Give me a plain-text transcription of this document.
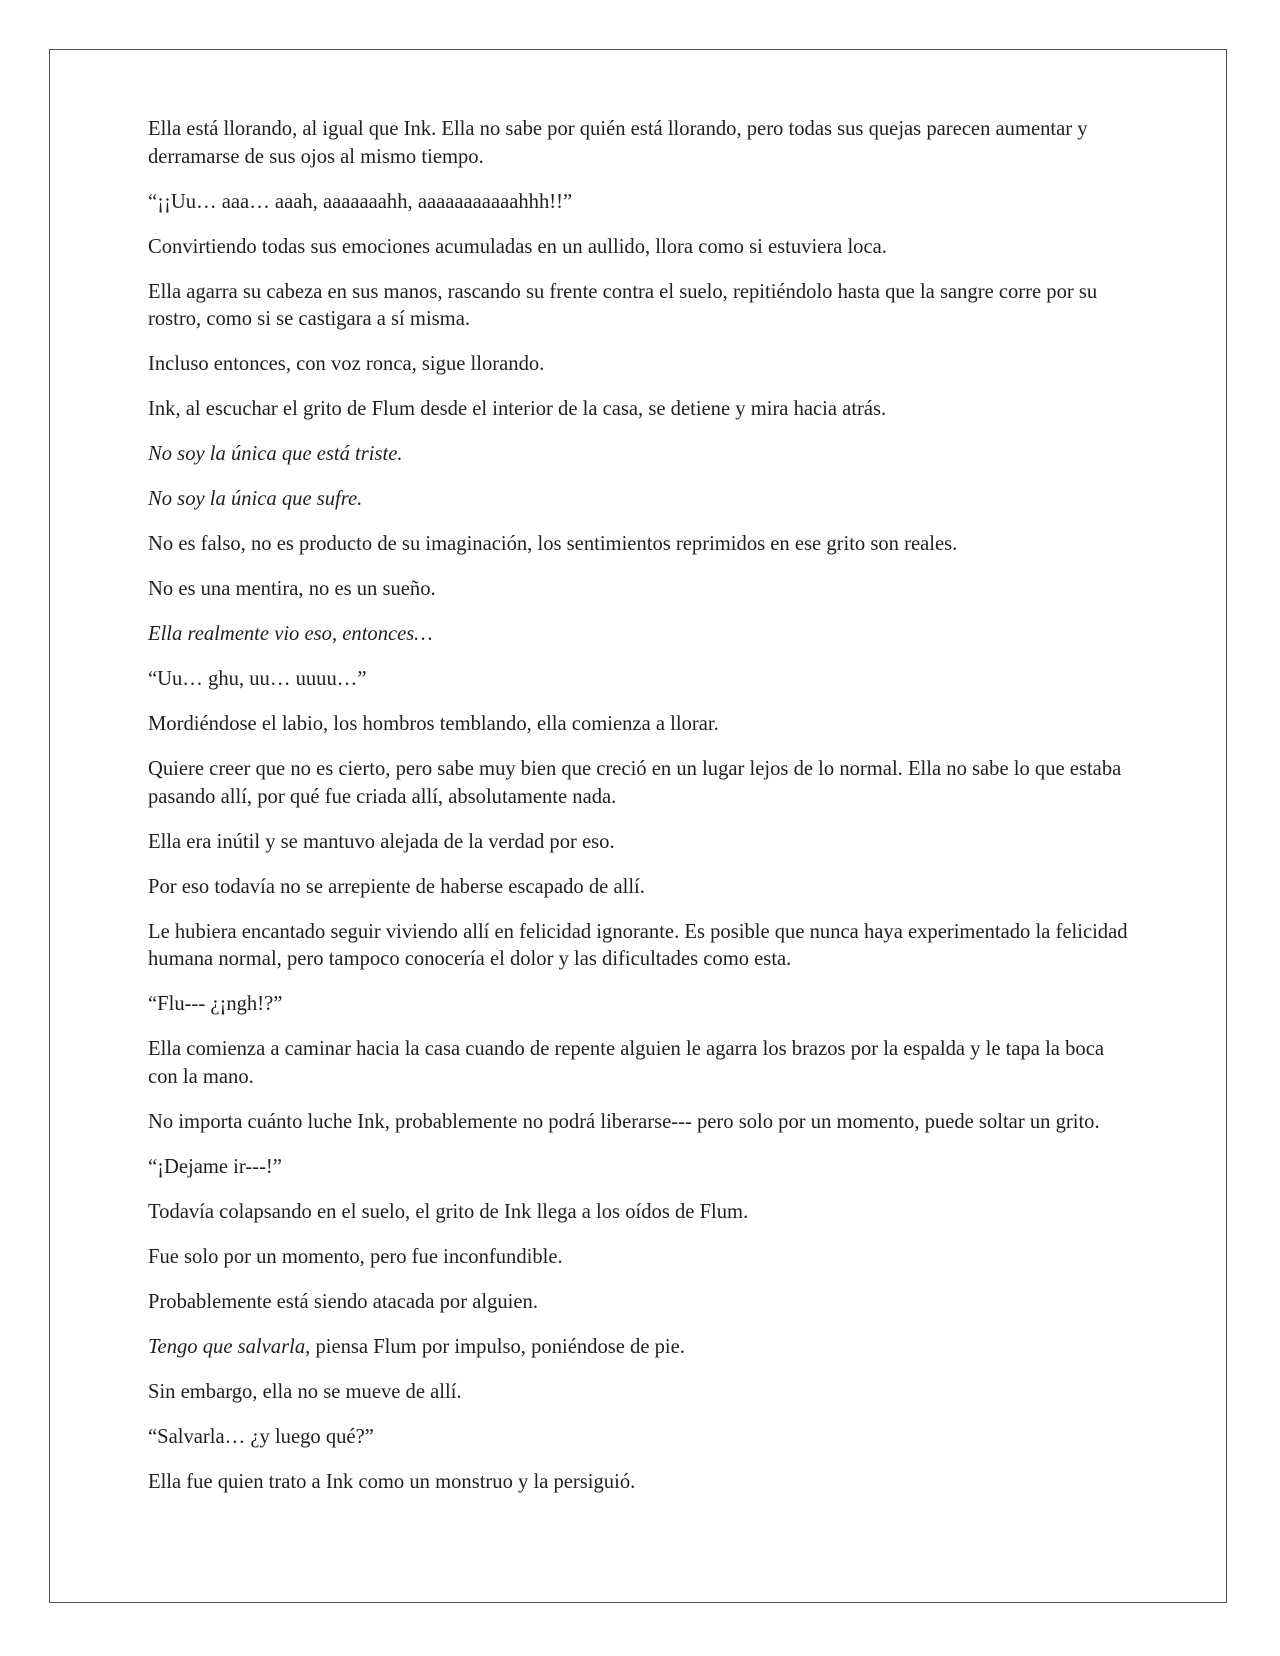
Ella está llorando, al igual que Ink. Ella no sabe por quién está llorando, pero todas sus quejas parecen aumentar y derramarse de sus ojos al mismo tiempo.

“¡¡Uu… aaa… aaah, aaaaaaahh, aaaaaaaaaaahhh!!”

Convirtiendo todas sus emociones acumuladas en un aullido, llora como si estuviera loca.

Ella agarra su cabeza en sus manos, rascando su frente contra el suelo, repitiéndolo hasta que la sangre corre por su rostro, como si se castigara a sí misma.

Incluso entonces, con voz ronca, sigue llorando.

Ink, al escuchar el grito de Flum desde el interior de la casa, se detiene y mira hacia atrás.

No soy la única que está triste.

No soy la única que sufre.

No es falso, no es producto de su imaginación, los sentimientos reprimidos en ese grito son reales.

No es una mentira, no es un sueño.

Ella realmente vio eso, entonces…

“Uu… ghu, uu… uuuu…”

Mordiéndose el labio, los hombros temblando, ella comienza a llorar.

Quiere creer que no es cierto, pero sabe muy bien que creció en un lugar lejos de lo normal. Ella no sabe lo que estaba pasando allí, por qué fue criada allí, absolutamente nada.

Ella era inútil y se mantuvo alejada de la verdad por eso.

Por eso todavía no se arrepiente de haberse escapado de allí.

Le hubiera encantado seguir viviendo allí en felicidad ignorante. Es posible que nunca haya experimentado la felicidad humana normal, pero tampoco conocería el dolor y las dificultades como esta.

“Flu--- ¿¡ngh!?”

Ella comienza a caminar hacia la casa cuando de repente alguien le agarra los brazos por la espalda y le tapa la boca con la mano.

No importa cuánto luche Ink, probablemente no podrá liberarse--- pero solo por un momento, puede soltar un grito.

“¡Dejame ir---!”

Todavía colapsando en el suelo, el grito de Ink llega a los oídos de Flum.

Fue solo por un momento, pero fue inconfundible.

Probablemente está siendo atacada por alguien.

Tengo que salvarla, piensa Flum por impulso, poniéndose de pie.

Sin embargo, ella no se mueve de allí.

“Salvarla… ¿y luego qué?”

Ella fue quien trato a Ink como un monstruo y la persiguió.
